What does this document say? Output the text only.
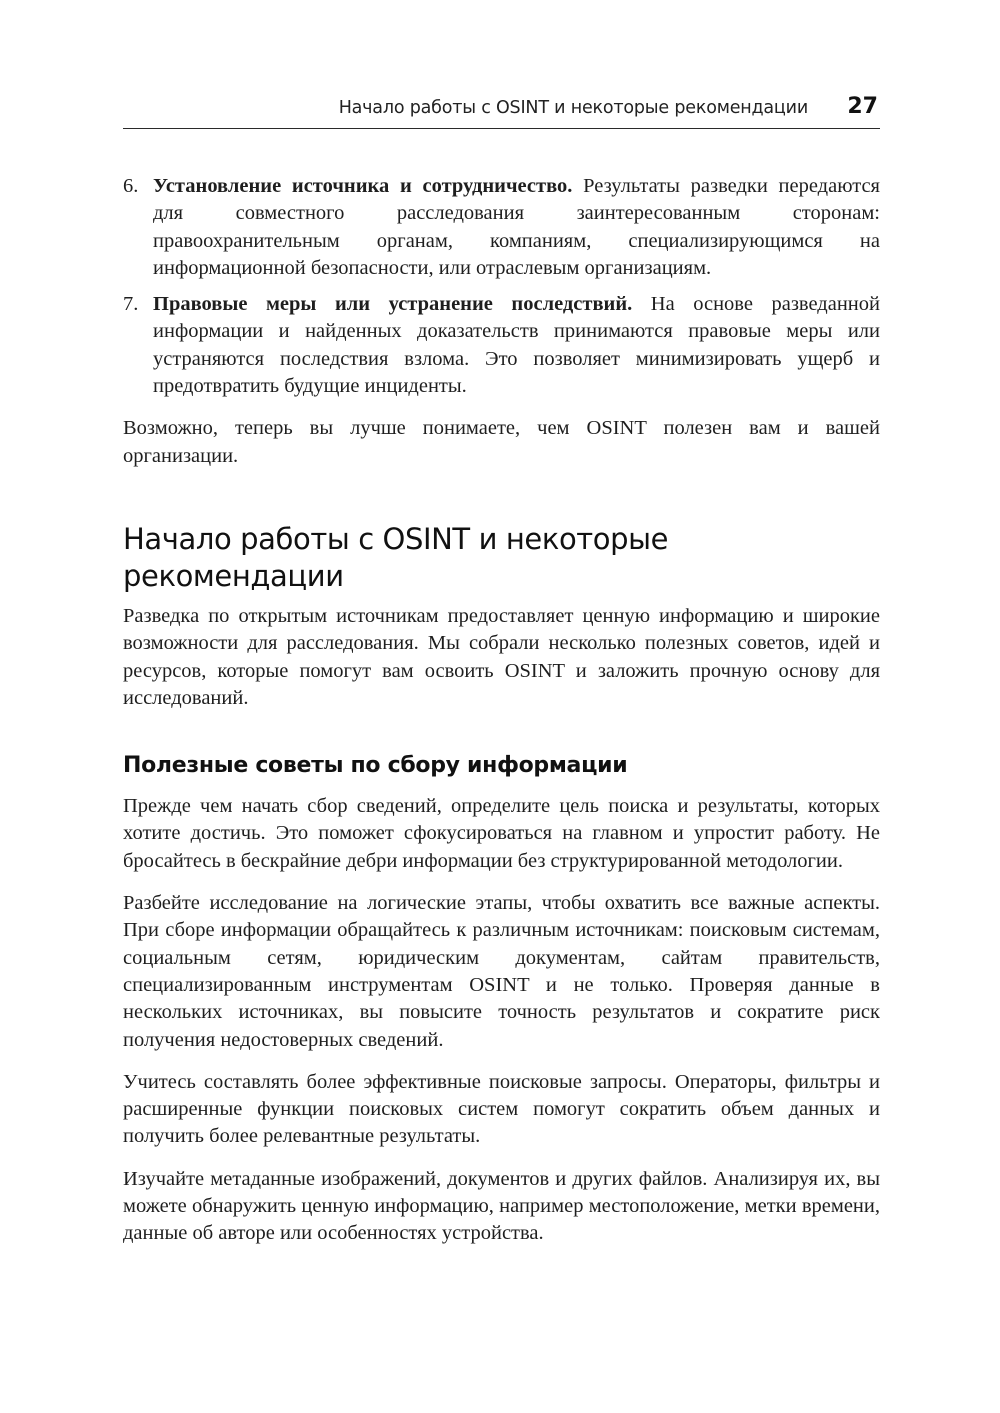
Начало работы с OSINT и некоторые рекомендации 27
6. Установление источника и сотрудничество. Результаты разведки передаются для совместного расследования заинтересованным сторонам: правоохранительным органам, компаниям, специализирующимся на информационной безопасности, или отраслевым организациям.
7. Правовые меры или устранение последствий. На основе разведанной информации и найденных доказательств принимаются правовые меры или устраняются последствия взлома. Это позволяет минимизировать ущерб и предотвратить будущие инциденты.

Возможно, теперь вы лучше понимаете, чем OSINT полезен вам и вашей организации.

Начало работы с OSINT и некоторые рекомендации

Разведка по открытым источникам предоставляет ценную информацию и широкие возможности для расследования. Мы собрали несколько полезных советов, идей и ресурсов, которые помогут вам освоить OSINT и заложить прочную основу для исследований.

Полезные советы по сбору информации

Прежде чем начать сбор сведений, определите цель поиска и результаты, которых хотите достичь. Это поможет сфокусироваться на главном и упростит работу. Не бросайтесь в бескрайние дебри информации без структурированной методологии.

Разбейте исследование на логические этапы, чтобы охватить все важные аспекты. При сборе информации обращайтесь к различным источникам: поисковым системам, социальным сетям, юридическим документам, сайтам правительств, специализированным инструментам OSINT и не только. Проверяя данные в нескольких источниках, вы повысите точность результатов и сократите риск получения недостоверных сведений.

Учитесь составлять более эффективные поисковые запросы. Операторы, фильтры и расширенные функции поисковых систем помогут сократить объем данных и получить более релевантные результаты.

Изучайте метаданные изображений, документов и других файлов. Анализируя их, вы можете обнаружить ценную информацию, например местоположение, метки времени, данные об авторе или особенностях устройства.
